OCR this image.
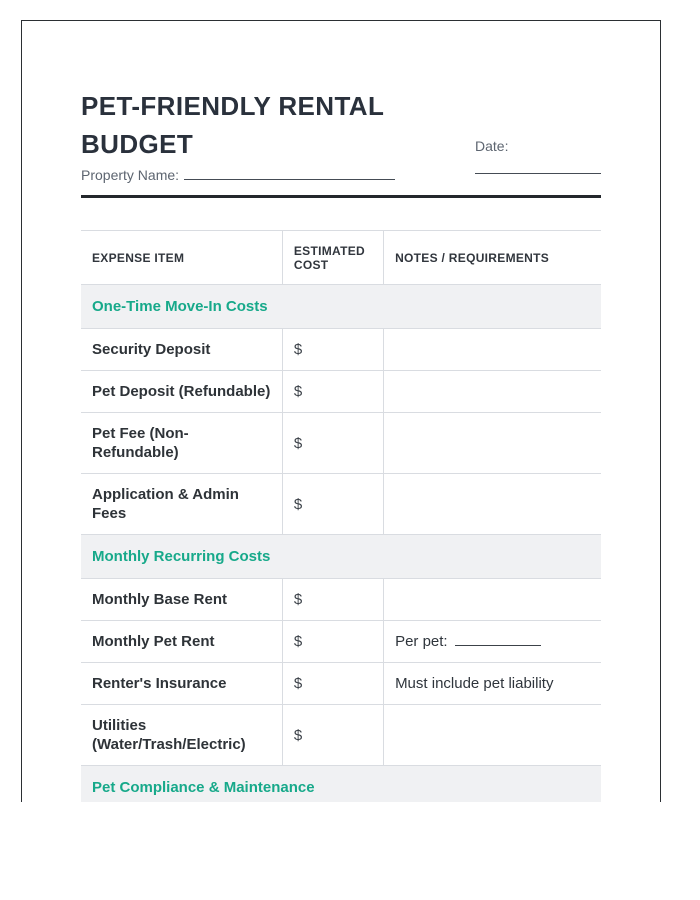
PET-FRIENDLY RENTAL BUDGET
Property Name:
Date:
EXPENSE ITEM	ESTIMATED COST	NOTES / REQUIREMENTS
One-Time Move-In Costs		
Security Deposit	$	
Pet Deposit (Refundable)	$	
Pet Fee (Non-Refundable)	$	
Application & Admin Fees	$	
Monthly Recurring Costs		
Monthly Base Rent	$	
Monthly Pet Rent	$	Per pet:
Renter's Insurance	$	Must include pet liability
Utilities (Water/Trash/Electric)	$	
Pet Compliance & Maintenance		
